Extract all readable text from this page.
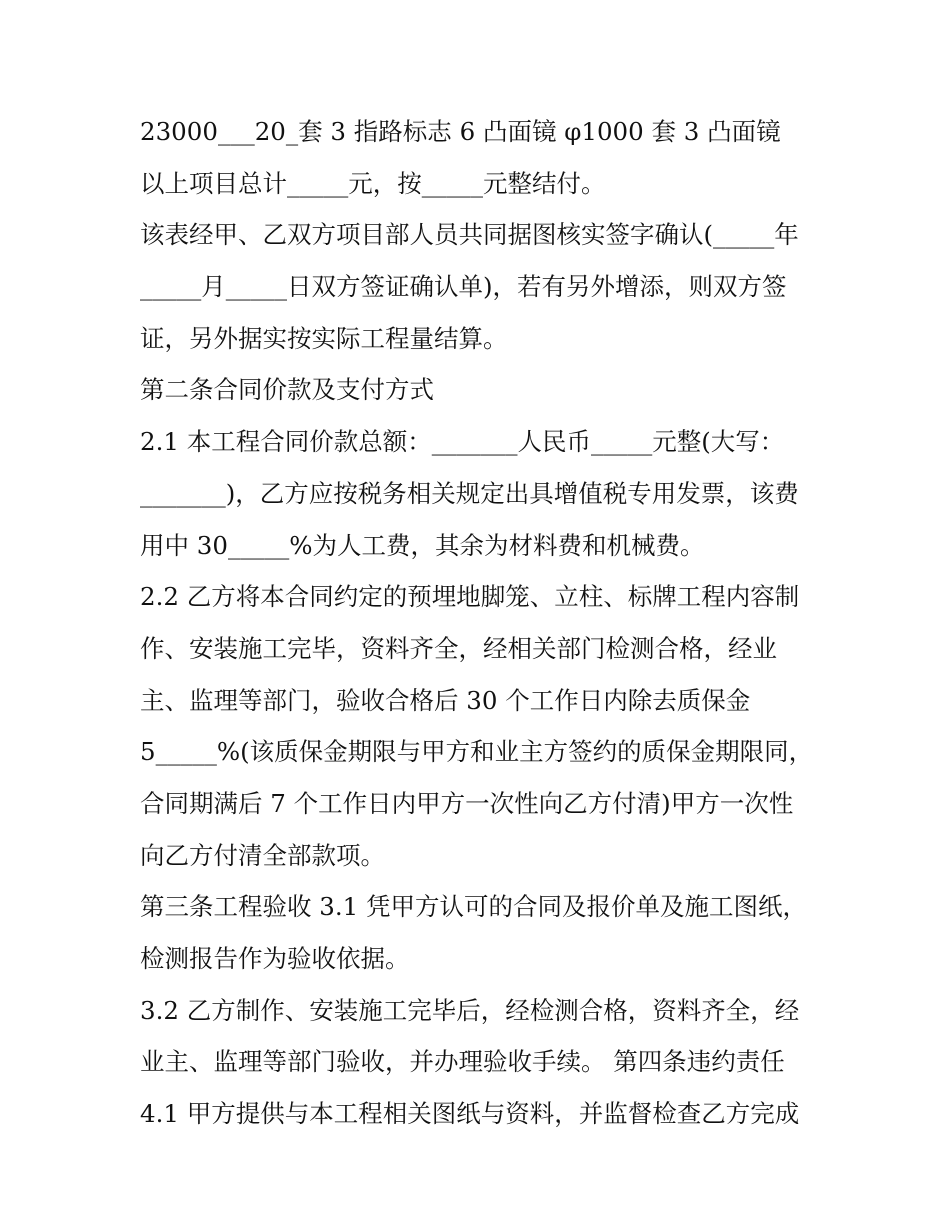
23000___20_套 3 指路标志 6 凸面镜 φ1000 套 3 凸面镜
以上项目总计_____元，按_____元整结付。
该表经甲、乙双方项目部人员共同据图核实签字确认(_____年
_____月_____日双方签证确认单)，若有另外增添，则双方签
证，另外据实按实际工程量结算。
第二条合同价款及支付方式
2.1 本工程合同价款总额：_______人民币_____元整(大写：
_______)，乙方应按税务相关规定出具增值税专用发票，该费
用中 30_____%为人工费，其余为材料费和机械费。
2.2 乙方将本合同约定的预埋地脚笼、立柱、标牌工程内容制
作、安装施工完毕，资料齐全，经相关部门检测合格，经业
主、监理等部门，验收合格后 30 个工作日内除去质保金
5_____%(该质保金期限与甲方和业主方签约的质保金期限同，
合同期满后 7 个工作日内甲方一次性向乙方付清)甲方一次性
向乙方付清全部款项。
第三条工程验收 3.1 凭甲方认可的合同及报价单及施工图纸，
检测报告作为验收依据。
3.2 乙方制作、安装施工完毕后，经检测合格，资料齐全，经
业主、监理等部门验收，并办理验收手续。 第四条违约责任
4.1 甲方提供与本工程相关图纸与资料，并监督检查乙方完成
